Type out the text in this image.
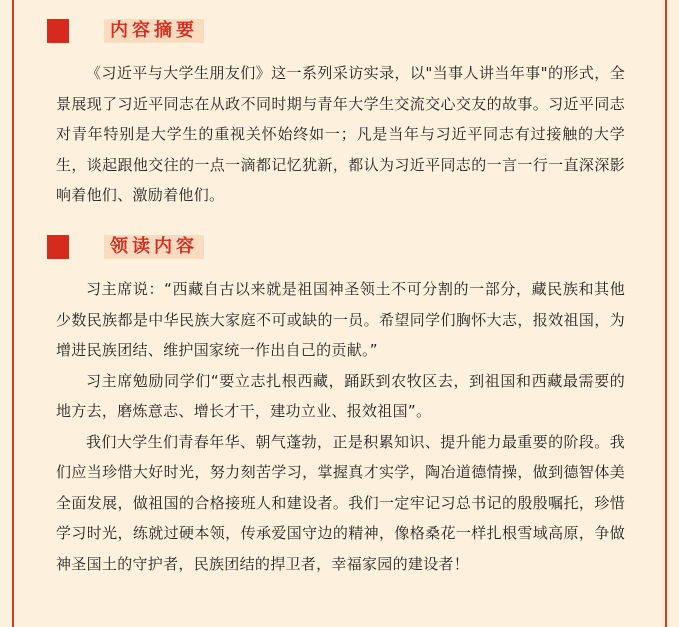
内容摘要

《习近平与大学生朋友们》这一系列采访实录，以"当事人讲当年事"的形式，全景展现了习近平同志在从政不同时期与青年大学生交流交心交友的故事。习近平同志 对青年特别是大学生的重视关怀始终如一；凡是当年与习近平同志有过接触的大学生，谈起跟他交往的一点一滴都记忆犹新，都认为习近平同志的一言一行一直深深影响着他们、激励着他们。

领读内容

习主席说：“西藏自古以来就是祖国神圣领土不可分割的一部分，藏民族和其他少数民族都是中华民族大家庭不可或缺的一员。希望同学们胸怀大志，报效祖国，为增进民族团结、维护国家统一作出自己的贡献。”

习主席勉励同学们“要立志扎根西藏，踊跃到农牧区去，到祖国和西藏最需要的地方去，磨炼意志、增长才干，建功立业、报效祖国”。

我们大学生们青春年华、朝气蓬勃，正是积累知识、提升能力最重要的阶段。我们应当珍惜大好时光，努力刻苦学习，掌握真才实学，陶冶道德情操，做到德智体美全面发展，做祖国的合格接班人和建设者。我们一定牢记习总书记的殷殷嘱托，珍惜学习时光，练就过硬本领，传承爱国守边的精神，像格桑花一样扎根雪域高原，争做神圣国土的守护者，民族团结的捍卫者，幸福家园的建设者！
